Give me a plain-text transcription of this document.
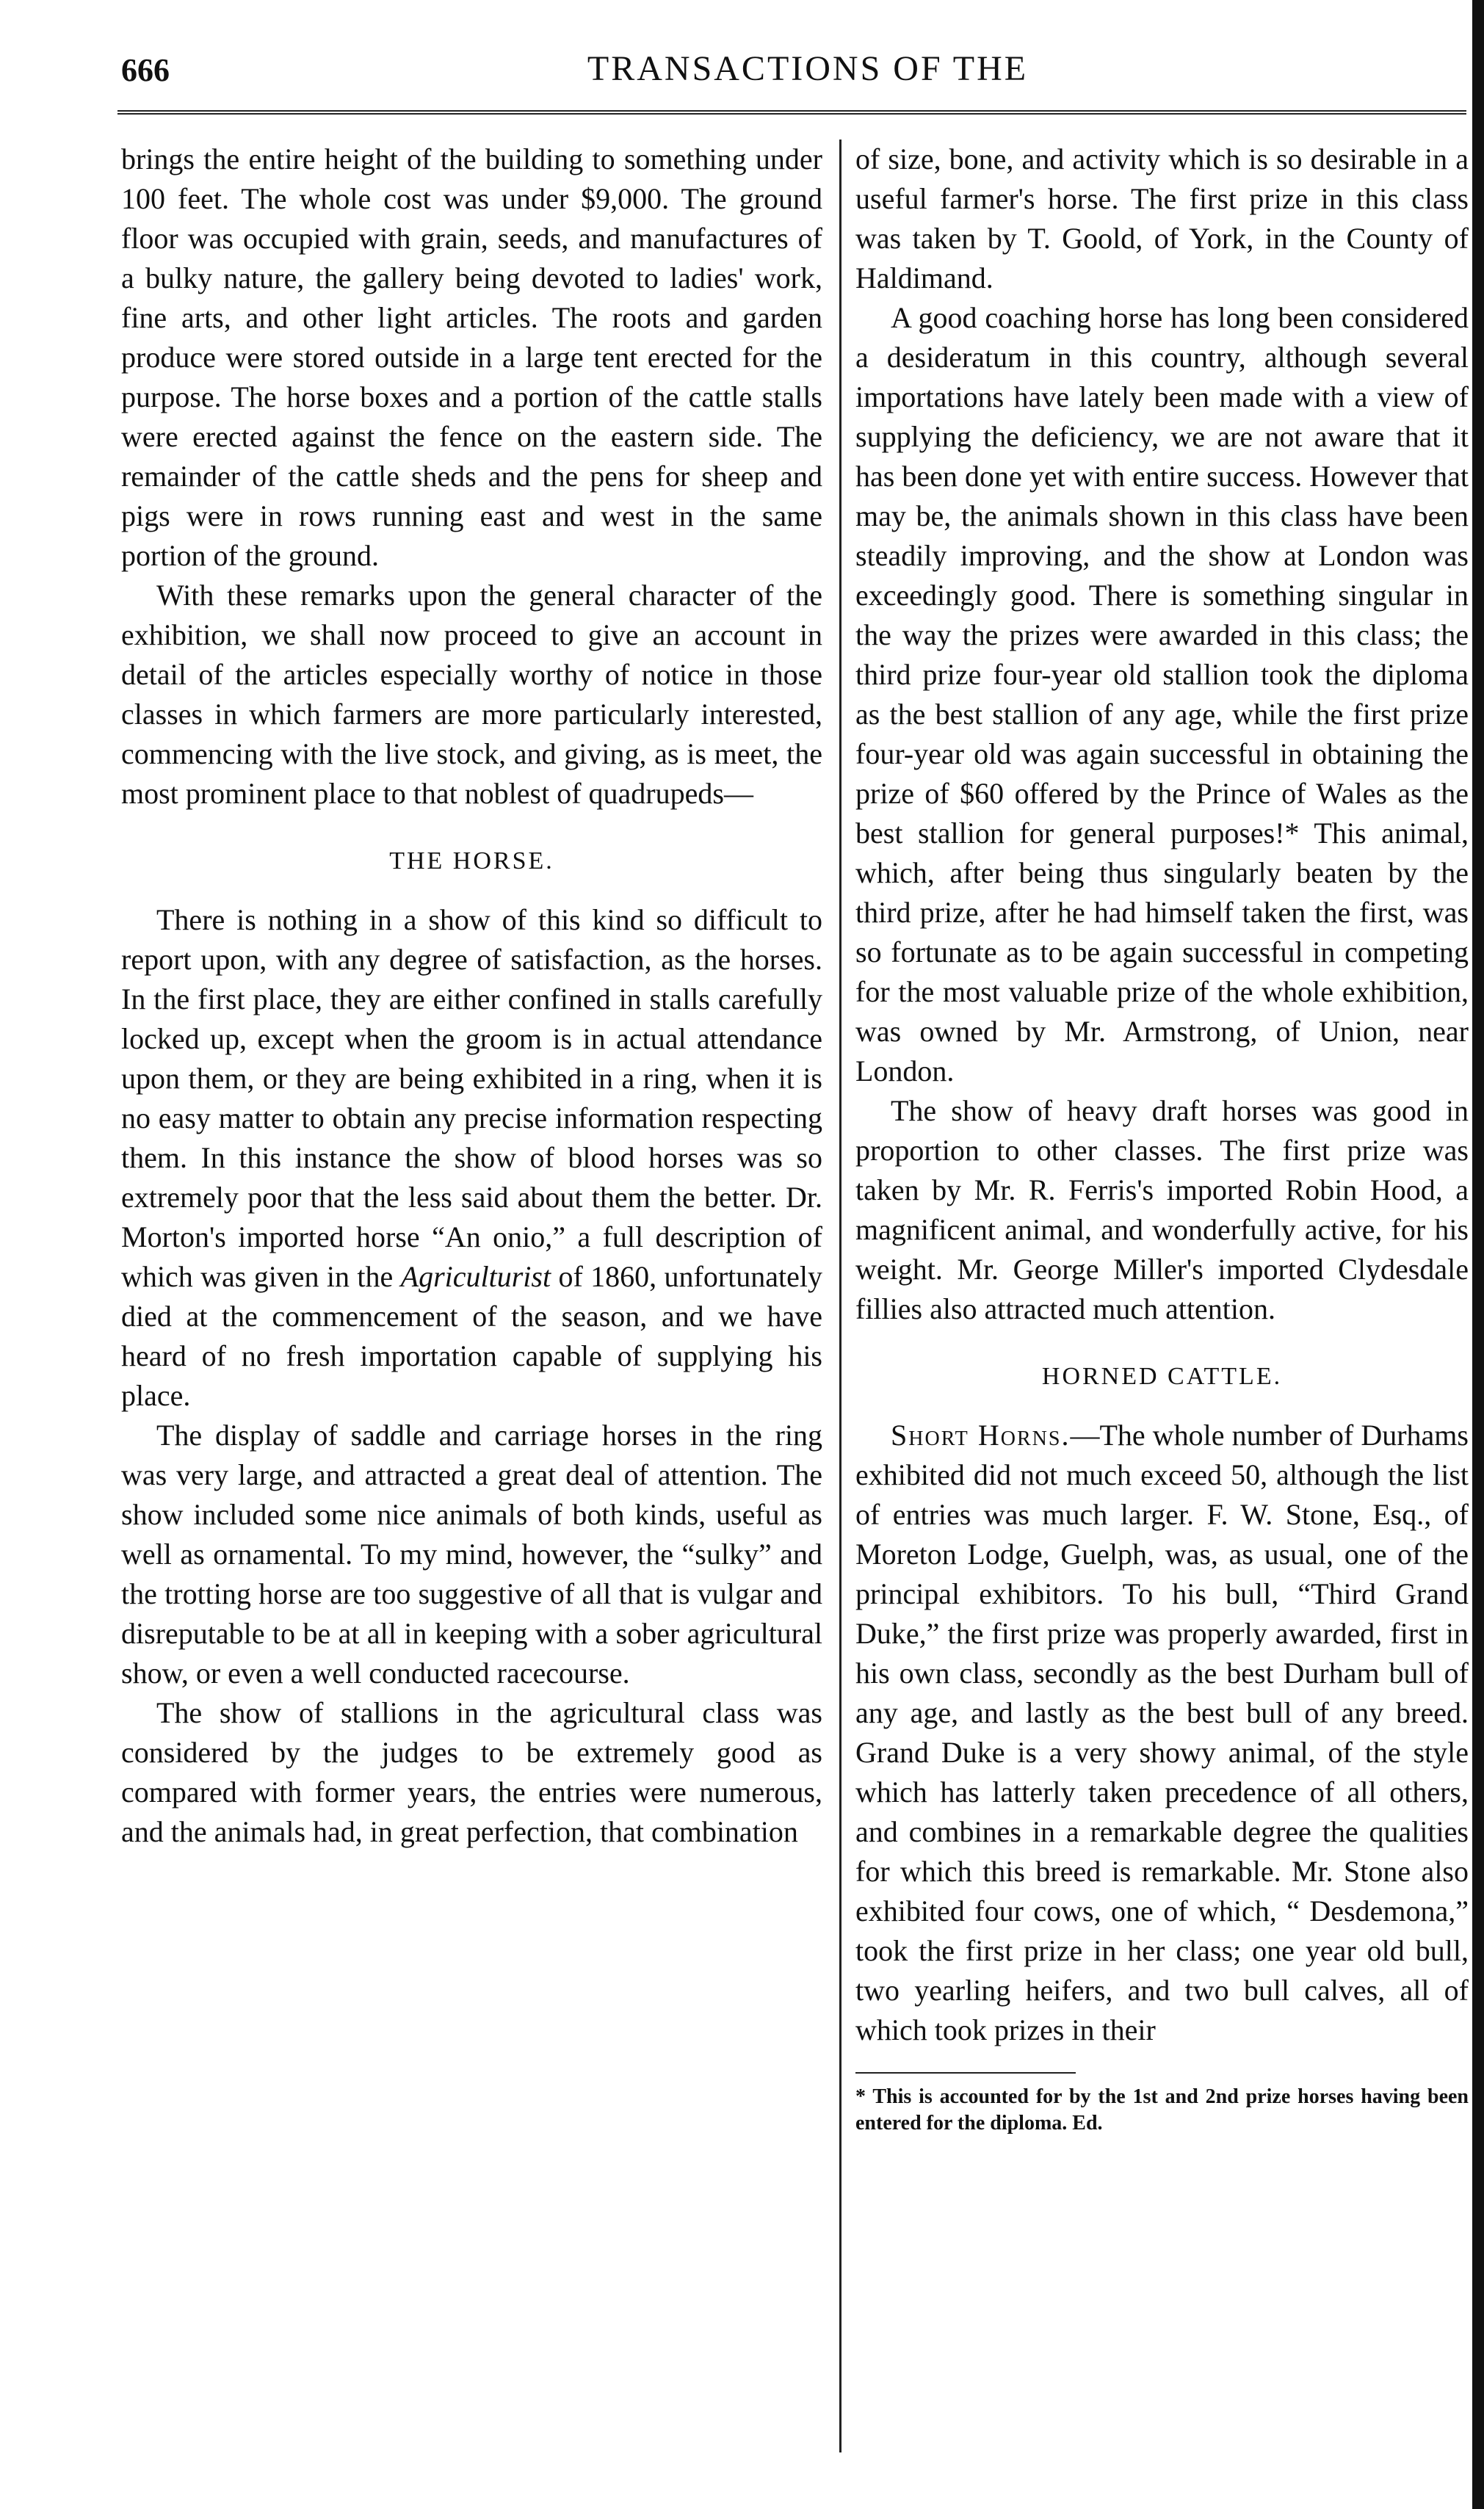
666	TRANSACTIONS OF THE

brings the entire height of the building to something under 100 feet. The whole cost was under $9,000. The ground floor was occupied with grain, seeds, and manufactures of a bulky nature, the gallery being devoted to ladies' work, fine arts, and other light articles. The roots and garden produce were stored outside in a large tent erected for the purpose. The horse boxes and a portion of the cattle stalls were erected against the fence on the eastern side. The remainder of the cattle sheds and the pens for sheep and pigs were in rows running east and west in the same portion of the ground.

With these remarks upon the general character of the exhibition, we shall now proceed to give an account in detail of the articles especially worthy of notice in those classes in which farmers are more particularly interested, commencing with the live stock, and giving, as is meet, the most prominent place to that noblest of quadrupeds—

THE HORSE.

There is nothing in a show of this kind so difficult to report upon, with any degree of satisfaction, as the horses. In the first place, they are either confined in stalls carefully locked up, except when the groom is in actual attendance upon them, or they are being exhibited in a ring, when it is no easy matter to obtain any precise information respecting them. In this instance the show of blood horses was so extremely poor that the less said about them the better. Dr. Morton's imported horse “An onio,” a full description of which was given in the Agriculturist of 1860, unfortunately died at the commencement of the season, and we have heard of no fresh importation capable of supplying his place.

The display of saddle and carriage horses in the ring was very large, and attracted a great deal of attention. The show included some nice animals of both kinds, useful as well as ornamental. To my mind, however, the “sulky” and the trotting horse are too suggestive of all that is vulgar and disreputable to be at all in keeping with a sober agricultural show, or even a well conducted racecourse.

The show of stallions in the agricultural class was considered by the judges to be extremely good as compared with former years, the entries were numerous, and the animals had, in great perfection, that combination

of size, bone, and activity which is so desirable in a useful farmer's horse. The first prize in this class was taken by T. Goold, of York, in the County of Haldimand.

A good coaching horse has long been considered a desideratum in this country, although several importations have lately been made with a view of supplying the deficiency, we are not aware that it has been done yet with entire success. However that may be, the animals shown in this class have been steadily improving, and the show at London was exceedingly good. There is something singular in the way the prizes were awarded in this class; the third prize four-year old stallion took the diploma as the best stallion of any age, while the first prize four-year old was again successful in obtaining the prize of $60 offered by the Prince of Wales as the best stallion for general purposes!* This animal, which, after being thus singularly beaten by the third prize, after he had himself taken the first, was so fortunate as to be again successful in competing for the most valuable prize of the whole exhibition, was owned by Mr. Armstrong, of Union, near London.

The show of heavy draft horses was good in proportion to other classes. The first prize was taken by Mr. R. Ferris's imported Robin Hood, a magnificent animal, and wonderfully active, for his weight. Mr. George Miller's imported Clydesdale fillies also attracted much attention.

HORNED CATTLE.

Short Horns.—The whole number of Durhams exhibited did not much exceed 50, although the list of entries was much larger. F. W. Stone, Esq., of Moreton Lodge, Guelph, was, as usual, one of the principal exhibitors. To his bull, “Third Grand Duke,” the first prize was properly awarded, first in his own class, secondly as the best Durham bull of any age, and lastly as the best bull of any breed. Grand Duke is a very showy animal, of the style which has latterly taken precedence of all others, and combines in a remarkable degree the qualities for which this breed is remarkable. Mr. Stone also exhibited four cows, one of which, “ Desdemona,” took the first prize in her class; one year old bull, two yearling heifers, and two bull calves, all of which took prizes in their

* This is accounted for by the 1st and 2nd prize horses having been entered for the diploma. Ed.
